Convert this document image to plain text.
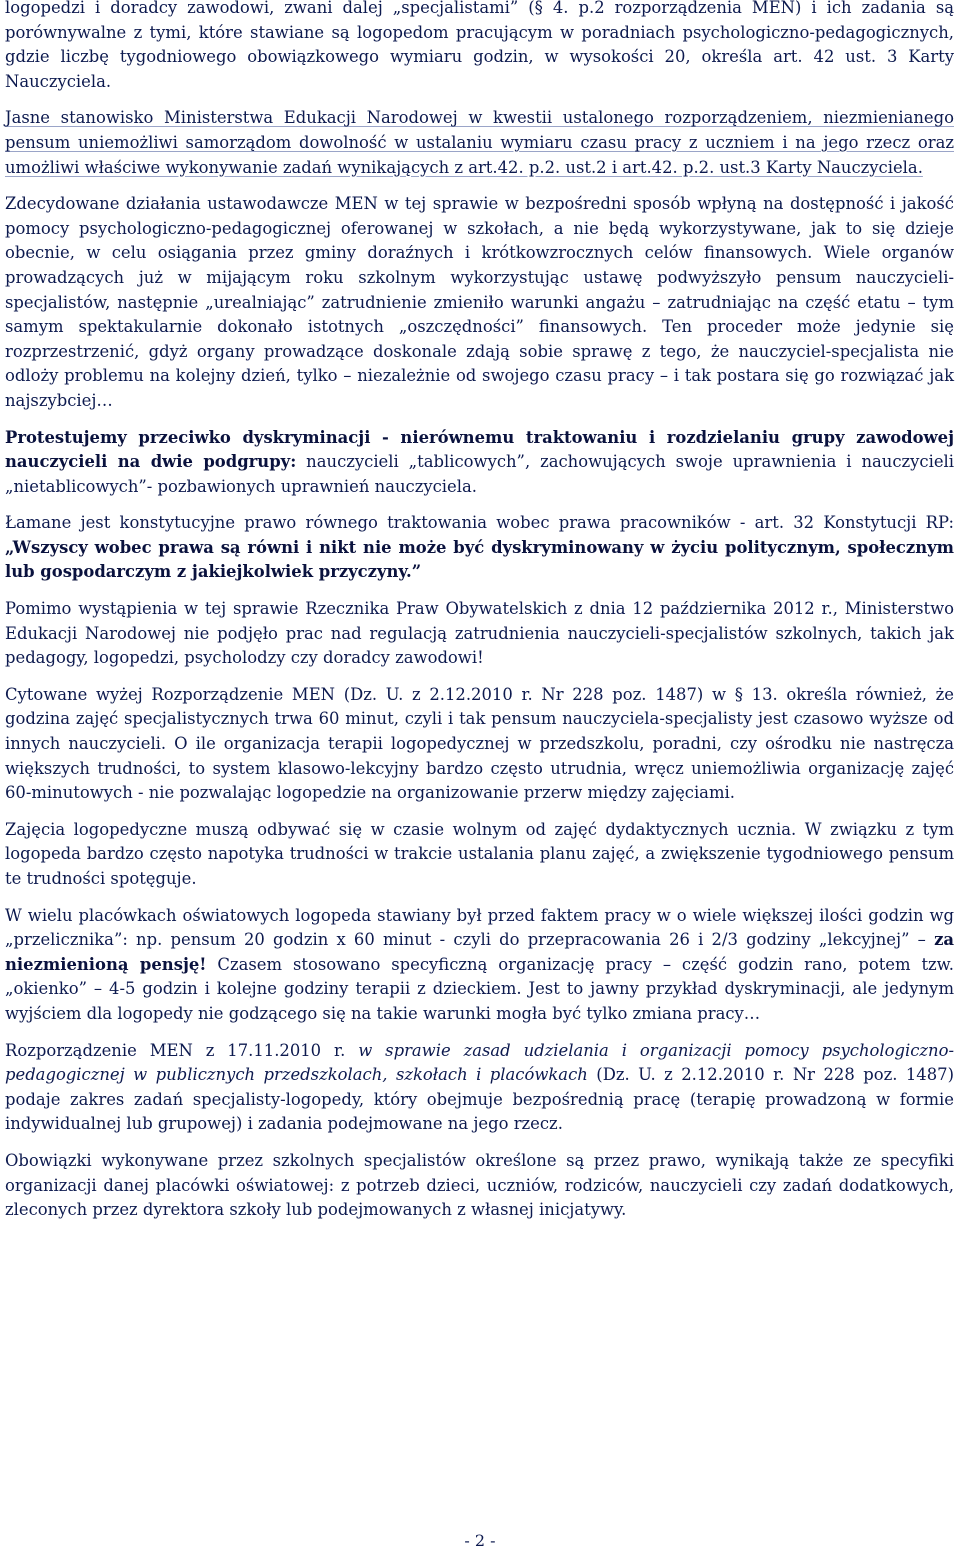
logopedzi i doradcy zawodowi, zwani dalej „specjalistami” (§ 4. p.2 rozporządzenia MEN) i ich zadania są porównywalne z tymi, które stawiane są logopedom pracującym w poradniach psychologiczno-pedagogicznych, gdzie liczbę tygodniowego obowiązkowego wymiaru godzin, w wysokości 20, określa art. 42 ust. 3 Karty Nauczyciela.

Jasne stanowisko Ministerstwa Edukacji Narodowej w kwestii ustalonego rozporządzeniem, niezmienianego pensum uniemożliwi samorządom dowolność w ustalaniu wymiaru czasu pracy z uczniem i na jego rzecz oraz umożliwi właściwe wykonywanie zadań wynikających z art.42. p.2. ust.2 i art.42. p.2. ust.3 Karty Nauczyciela.

Zdecydowane działania ustawodawcze MEN w tej sprawie w bezpośredni sposób wpłyną na dostępność i jakość pomocy psychologiczno-pedagogicznej oferowanej w szkołach, a nie będą wykorzystywane, jak to się dzieje obecnie, w celu osiągania przez gminy doraźnych i krótkowzrocznych celów finansowych. Wiele organów prowadzących już w mijającym roku szkolnym wykorzystując ustawę podwyższyło pensum nauczycieli-specjalistów, następnie „urealniając” zatrudnienie zmieniło warunki angażu – zatrudniając na część etatu – tym samym spektakularnie dokonało istotnych „oszczędności” finansowych. Ten proceder może jedynie się rozprzestrzenić, gdyż organy prowadzące doskonale zdają sobie sprawę z tego, że nauczyciel-specjalista nie odloży problemu na kolejny dzień, tylko – niezależnie od swojego czasu pracy – i tak postara się go rozwiązać jak najszybciej…

Protestujemy przeciwko dyskryminacji - nierównemu traktowaniu i rozdzielaniu grupy zawodowej nauczycieli na dwie podgrupy: nauczycieli „tablicowych”, zachowujących swoje uprawnienia i nauczycieli „nietablicowych”- pozbawionych uprawnień nauczyciela.

Łamane jest konstytucyjne prawo równego traktowania wobec prawa pracowników - art. 32 Konstytucji RP: „Wszyscy wobec prawa są równi i nikt nie może być dyskryminowany w życiu politycznym, społecznym lub gospodarczym z jakiejkolwiek przyczyny.”

Pomimo wystąpienia w tej sprawie Rzecznika Praw Obywatelskich z dnia 12 października 2012 r., Ministerstwo Edukacji Narodowej nie podjęło prac nad regulacją zatrudnienia nauczycieli-specjalistów szkolnych, takich jak pedagogy, logopedzi, psycholodzy czy doradcy zawodowi!

Cytowane wyżej Rozporządzenie MEN (Dz. U. z 2.12.2010 r. Nr 228 poz. 1487) w § 13. określa również, że godzina zajęć specjalistycznych trwa 60 minut, czyli i tak pensum nauczyciela-specjalisty jest czasowo wyższe od innych nauczycieli. O ile organizacja terapii logopedycznej w przedszkolu, poradni, czy ośrodku nie nastręcza większych trudności, to system klasowo-lekcyjny bardzo często utrudnia, wręcz uniemożliwia organizację zajęć 60-minutowych - nie pozwalając logopedzie na organizowanie przerw między zajęciami.

Zajęcia logopedyczne muszą odbywać się w czasie wolnym od zajęć dydaktycznych ucznia. W związku z tym logopeda bardzo często napotyka trudności w trakcie ustalania planu zajęć, a zwiększenie tygodniowego pensum te trudności spotęguje.

W wielu placówkach oświatowych logopeda stawiany był przed faktem pracy w o wiele większej ilości godzin wg „przelicznika”: np. pensum 20 godzin x 60 minut - czyli do przepracowania 26 i 2/3 godziny „lekcyjnej” – za niezmienioną pensję! Czasem stosowano specyficzną organizację pracy – część godzin rano, potem tzw. „okienko” – 4-5 godzin i kolejne godziny terapii z dzieckiem. Jest to jawny przykład dyskryminacji, ale jedynym wyjściem dla logopedy nie godzącego się na takie warunki mogła być tylko zmiana pracy…

Rozporządzenie MEN z 17.11.2010 r. w sprawie zasad udzielania i organizacji pomocy psychologiczno-pedagogicznej w publicznych przedszkolach, szkołach i placówkach (Dz. U. z 2.12.2010 r. Nr 228 poz. 1487) podaje zakres zadań specjalisty-logopedy, który obejmuje bezpośrednią pracę (terapię prowadzoną w formie indywidualnej lub grupowej) i zadania podejmowane na jego rzecz.

Obowiązki wykonywane przez szkolnych specjalistów określone są przez prawo, wynikają także ze specyfiki organizacji danej placówki oświatowej: z potrzeb dzieci, uczniów, rodziców, nauczycieli czy zadań dodatkowych, zleconych przez dyrektora szkoły lub podejmowanych z własnej inicjatywy.

- 2 -
